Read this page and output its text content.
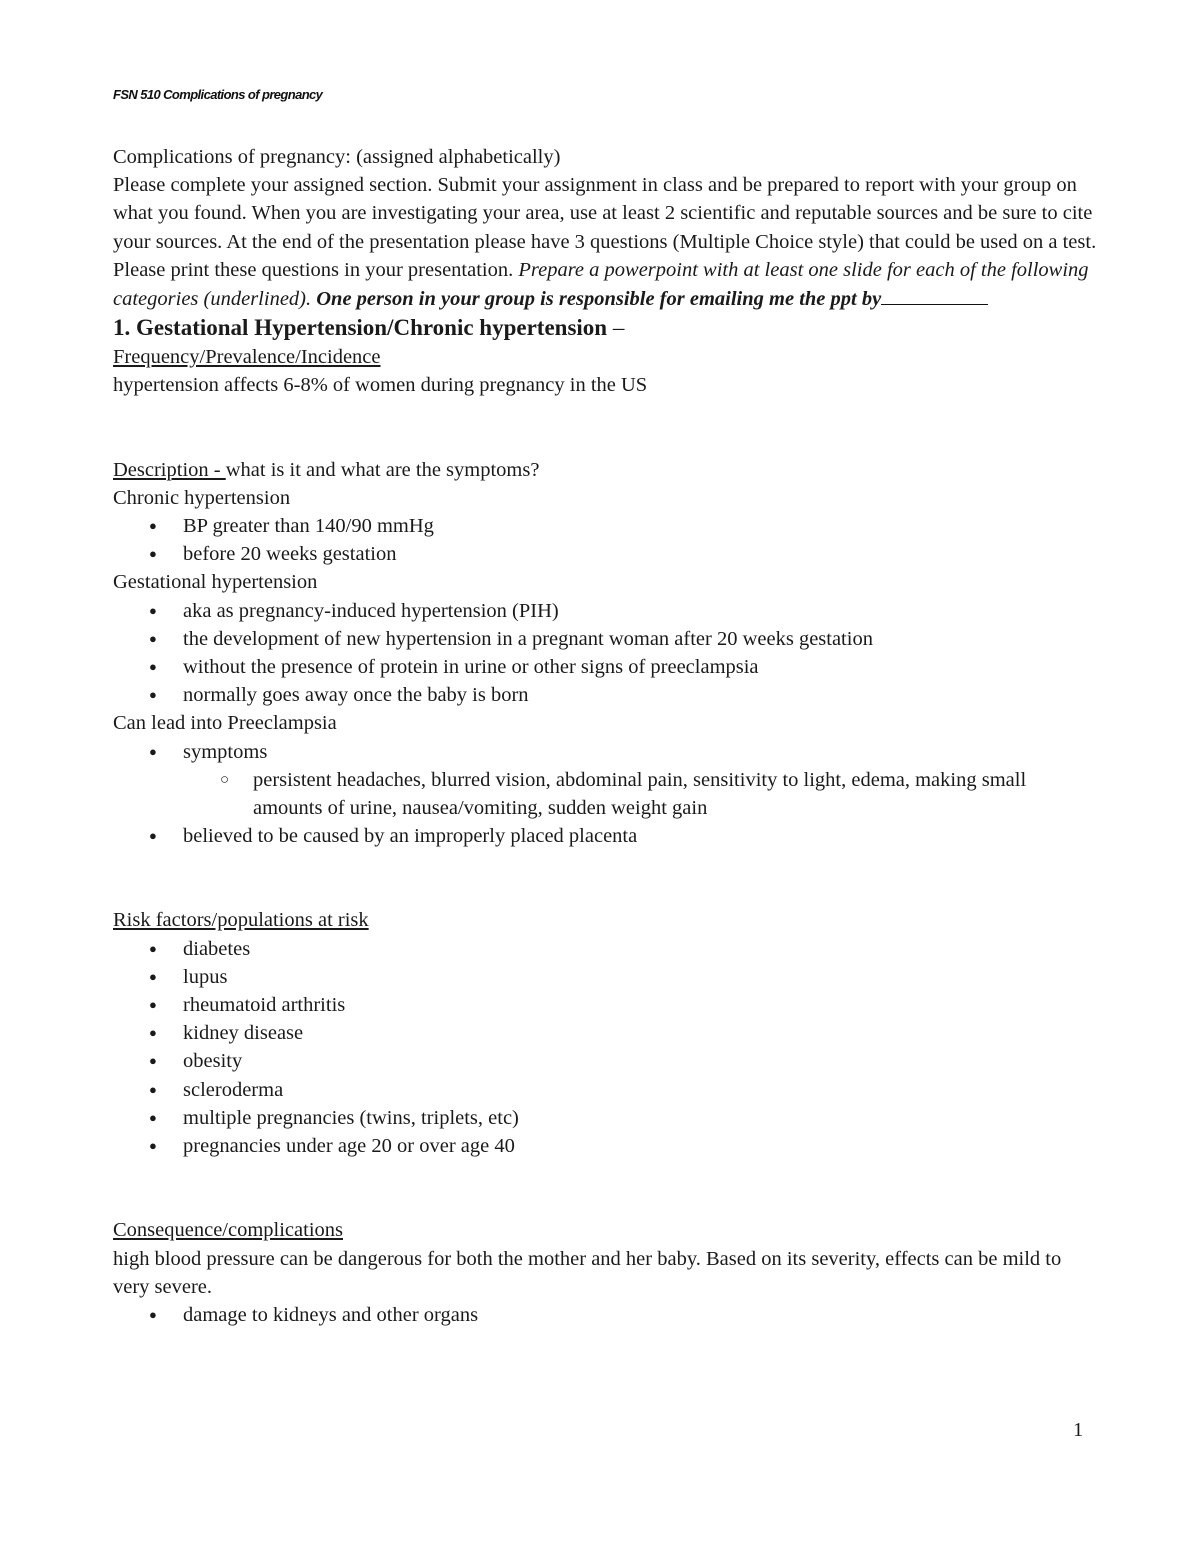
FSN 510 Complications of pregnancy

Complications of pregnancy: (assigned alphabetically)

Please complete your assigned section. Submit your assignment in class and be prepared to report with your group on what you found. When you are investigating your area, use at least 2 scientific and reputable sources and be sure to cite your sources. At the end of the presentation please have 3 questions (Multiple Choice style) that could be used on a test. Please print these questions in your presentation. Prepare a powerpoint with at least one slide for each of the following categories (underlined). One person in your group is responsible for emailing me the ppt by

1. Gestational Hypertension/Chronic hypertension –

Frequency/Prevalence/Incidence

hypertension affects 6-8% of women during pregnancy in the US

Description - what is it and what are the symptoms?

Chronic hypertension

● BP greater than 140/90 mmHg
● before 20 weeks gestation

Gestational hypertension

● aka as pregnancy-induced hypertension (PIH)
● the development of new hypertension in a pregnant woman after 20 weeks gestation
● without the presence of protein in urine or other signs of preeclampsia
● normally goes away once the baby is born

Can lead into Preeclampsia

● symptoms
○ persistent headaches, blurred vision, abdominal pain, sensitivity to light, edema, making small amounts of urine, nausea/vomiting, sudden weight gain
● believed to be caused by an improperly placed placenta

Risk factors/populations at risk

● diabetes
● lupus
● rheumatoid arthritis
● kidney disease
● obesity
● scleroderma
● multiple pregnancies (twins, triplets, etc)
● pregnancies under age 20 or over age 40

Consequence/complications

high blood pressure can be dangerous for both the mother and her baby. Based on its severity, effects can be mild to very severe.

● damage to kidneys and other organs
1
